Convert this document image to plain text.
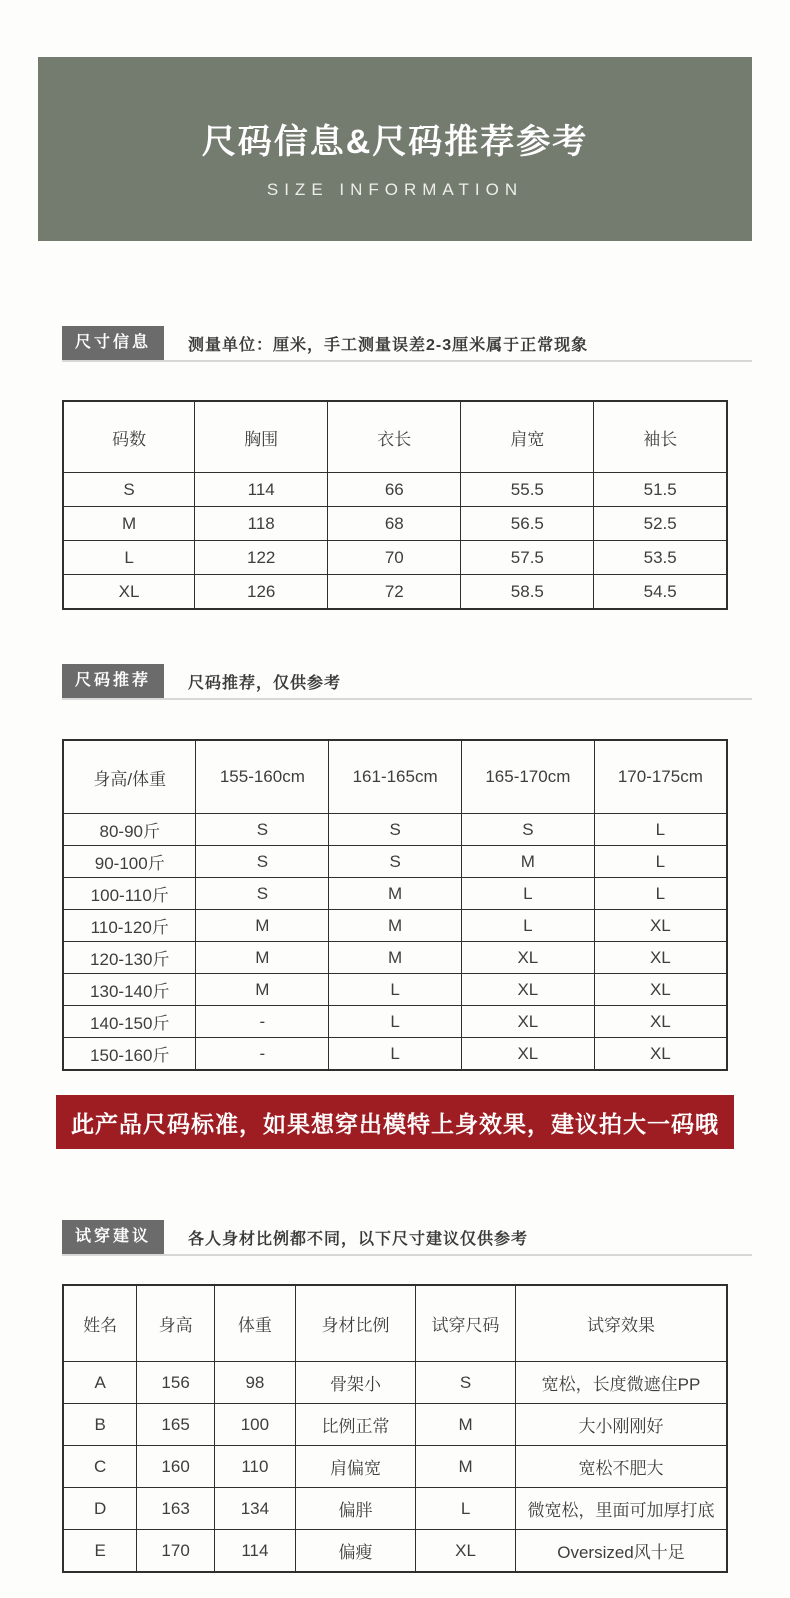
尺码信息&尺码推荐参考
SIZE INFORMATION
尺寸信息	测量单位：厘米，手工测量误差2-3厘米属于正常现象
码数	胸围	衣长	肩宽	袖长
S	114	66	55.5	51.5
M	118	68	56.5	52.5
L	122	70	57.5	53.5
XL	126	72	58.5	54.5
尺码推荐	尺码推荐，仅供参考
身高/体重	155-160cm	161-165cm	165-170cm	170-175cm
80-90斤	S	S	S	L
90-100斤	S	S	M	L
100-110斤	S	M	L	L
110-120斤	M	M	L	XL
120-130斤	M	M	XL	XL
130-140斤	M	L	XL	XL
140-150斤	-	L	XL	XL
150-160斤	-	L	XL	XL
此产品尺码标准，如果想穿出模特上身效果，建议拍大一码哦
试穿建议	各人身材比例都不同，以下尺寸建议仅供参考
姓名	身高	体重	身材比例	试穿尺码	试穿效果
A	156	98	骨架小	S	宽松，长度微遮住PP
B	165	100	比例正常	M	大小刚刚好
C	160	110	肩偏宽	M	宽松不肥大
D	163	134	偏胖	L	微宽松，里面可加厚打底
E	170	114	偏瘦	XL	Oversized风十足
